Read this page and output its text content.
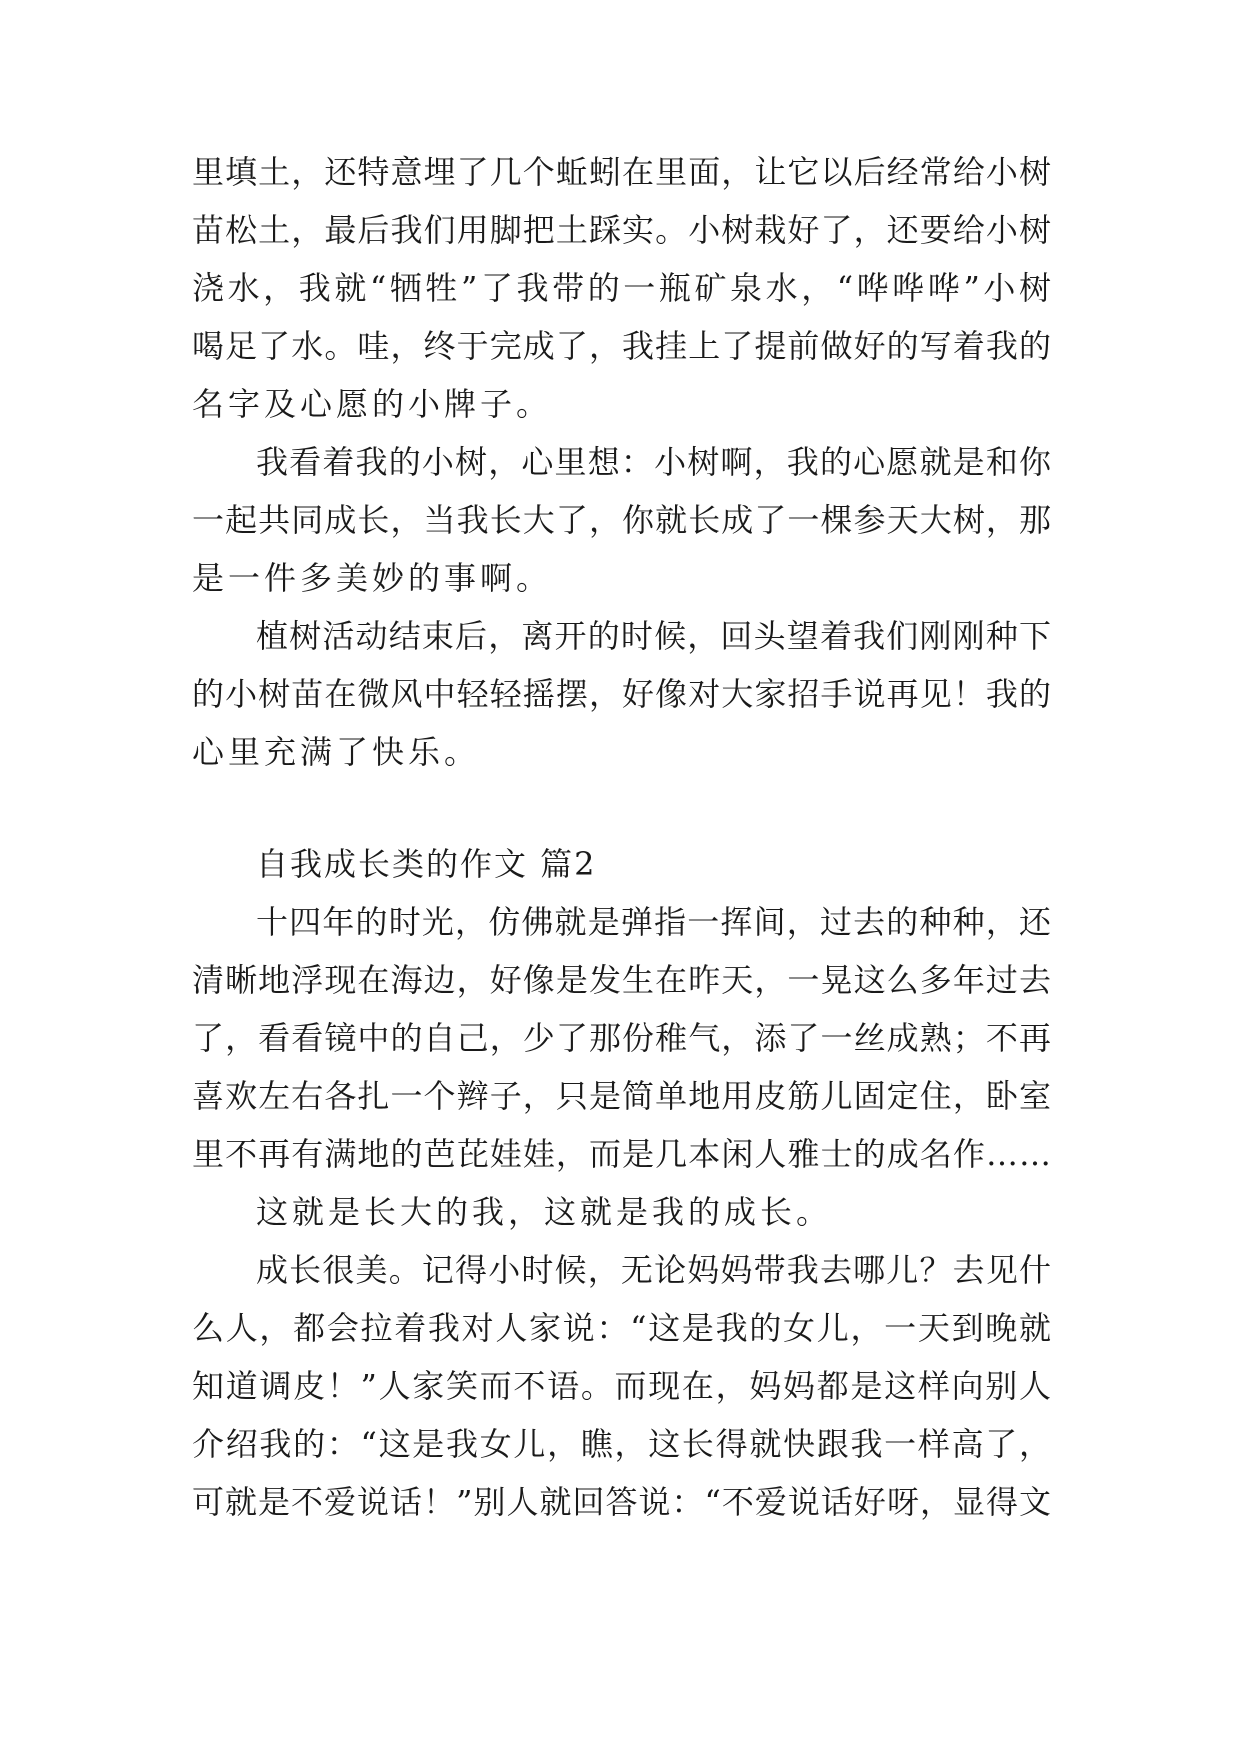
里填土，还特意埋了几个蚯蚓在里面，让它以后经常给小树
苗松土，最后我们用脚把土踩实。小树栽好了，还要给小树
浇水，我就“牺牲”了我带的一瓶矿泉水，“哗哗哗”小树
喝足了水。哇，终于完成了，我挂上了提前做好的写着我的
名字及心愿的小牌子。
我看着我的小树，心里想：小树啊，我的心愿就是和你
一起共同成长，当我长大了，你就长成了一棵参天大树，那
是一件多美妙的事啊。
植树活动结束后，离开的时候，回头望着我们刚刚种下
的小树苗在微风中轻轻摇摆，好像对大家招手说再见！我的
心里充满了快乐。
自我成长类的作文 篇2
十四年的时光，仿佛就是弹指一挥间，过去的种种，还
清晰地浮现在海边，好像是发生在昨天，一晃这么多年过去
了，看看镜中的自己，少了那份稚气，添了一丝成熟；不再
喜欢左右各扎一个辫子，只是简单地用皮筋儿固定住，卧室
里不再有满地的芭芘娃娃，而是几本闲人雅士的成名作……
这就是长大的我，这就是我的成长。
成长很美。记得小时候，无论妈妈带我去哪儿？去见什
么人，都会拉着我对人家说：“这是我的女儿，一天到晚就
知道调皮！”人家笑而不语。而现在，妈妈都是这样向别人
介绍我的：“这是我女儿，瞧，这长得就快跟我一样高了，
可就是不爱说话！”别人就回答说：“不爱说话好呀，显得文
